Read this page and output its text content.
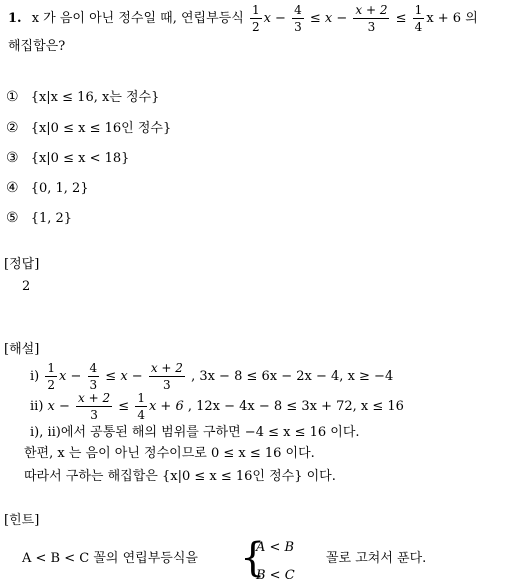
1. x 가 음이 아닌 정수일 때, 연립부등식 $\frac{1}{2}$ $x - \frac{4}{3} \le x - \frac{x + 2}{3} \le \frac{1}{4}$ x + 6 의
해집합은?
① {x|x ≤ 16, x는 정수}
② {x|0 ≤ x ≤ 16인 정수}
③ {x|0 ≤ x < 18}
④ {0, 1, 2}
⑤ {1, 2}
[정답]
2
[해설]
ⅰ) $\frac{1}{2}$ $x - \frac{4}{3} \le x - \frac{x + 2}{3}$ , 3x − 8 ≤ 6x − 2x − 4, x ≥ −4
ⅱ) $x - \frac{x + 2}{3} \le \frac{1}{4}$ x + 6 , 12x − 4x − 8 ≤ 3x + 72, x ≤ 16
ⅰ), ⅱ)에서 공통된 해의 범위를 구하면 −4 ≤ x ≤ 16 이다.
한편, x 는 음이 아닌 정수이므로 0 ≤ x ≤ 16 이다.
따라서 구하는 해집합은 {x|0 ≤ x ≤ 16인 정수} 이다.
[힌트]
A < B < C 꼴의 연립부등식을 {
A < B
B < C
꼴로 고쳐서 푼다.
